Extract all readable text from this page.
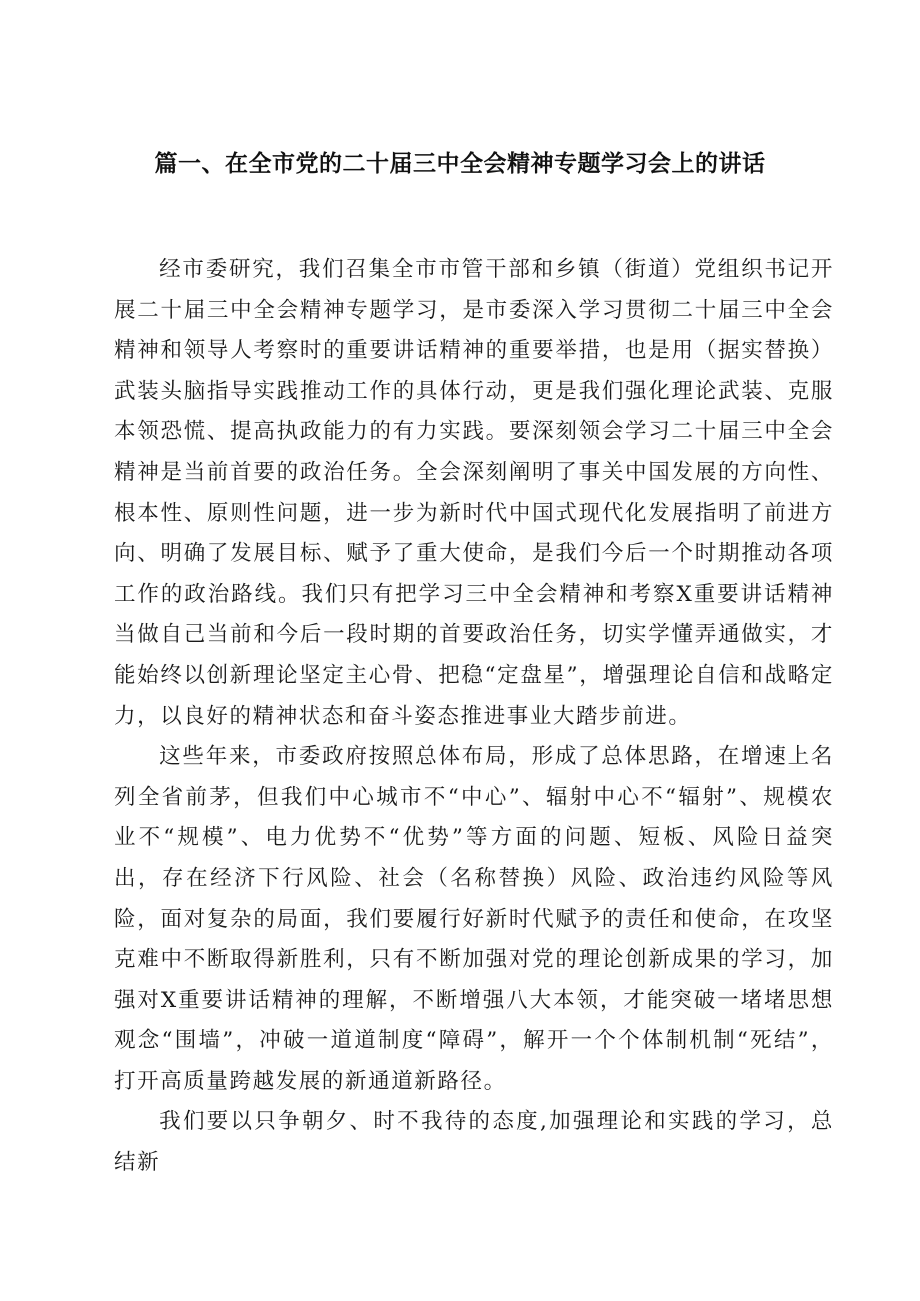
篇一、在全市党的二十届三中全会精神专题学习会上的讲话

经市委研究，我们召集全市市管干部和乡镇（街道）党组织书记开展二十届三中全会精神专题学习，是市委深入学习贯彻二十届三中全会精神和领导人考察时的重要讲话精神的重要举措，也是用（据实替换）武装头脑指导实践推动工作的具体行动，更是我们强化理论武装、克服本领恐慌、提高执政能力的有力实践。要深刻领会学习二十届三中全会精神是当前首要的政治任务。全会深刻阐明了事关中国发展的方向性、根本性、原则性问题，进一步为新时代中国式现代化发展指明了前进方向、明确了发展目标、赋予了重大使命，是我们今后一个时期推动各项工作的政治路线。我们只有把学习三中全会精神和考察X重要讲话精神当做自己当前和今后一段时期的首要政治任务，切实学懂弄通做实，才能始终以创新理论坚定主心骨、把稳“定盘星”，增强理论自信和战略定力，以良好的精神状态和奋斗姿态推进事业大踏步前进。

这些年来，市委政府按照总体布局，形成了总体思路，在增速上名列全省前茅，但我们中心城市不“中心”、辐射中心不“辐射”、规模农业不“规模”、电力优势不“优势”等方面的问题、短板、风险日益突出，存在经济下行风险、社会（名称替换）风险、政治违约风险等风险，面对复杂的局面，我们要履行好新时代赋予的责任和使命，在攻坚克难中不断取得新胜利，只有不断加强对党的理论创新成果的学习，加强对X重要讲话精神的理解，不断增强八大本领，才能突破一堵堵思想观念“围墙”，冲破一道道制度“障碍”，解开一个个体制机制“死结”，打开高质量跨越发展的新通道新路径。

我们要以只争朝夕、时不我待的态度,加强理论和实践的学习，总结新
